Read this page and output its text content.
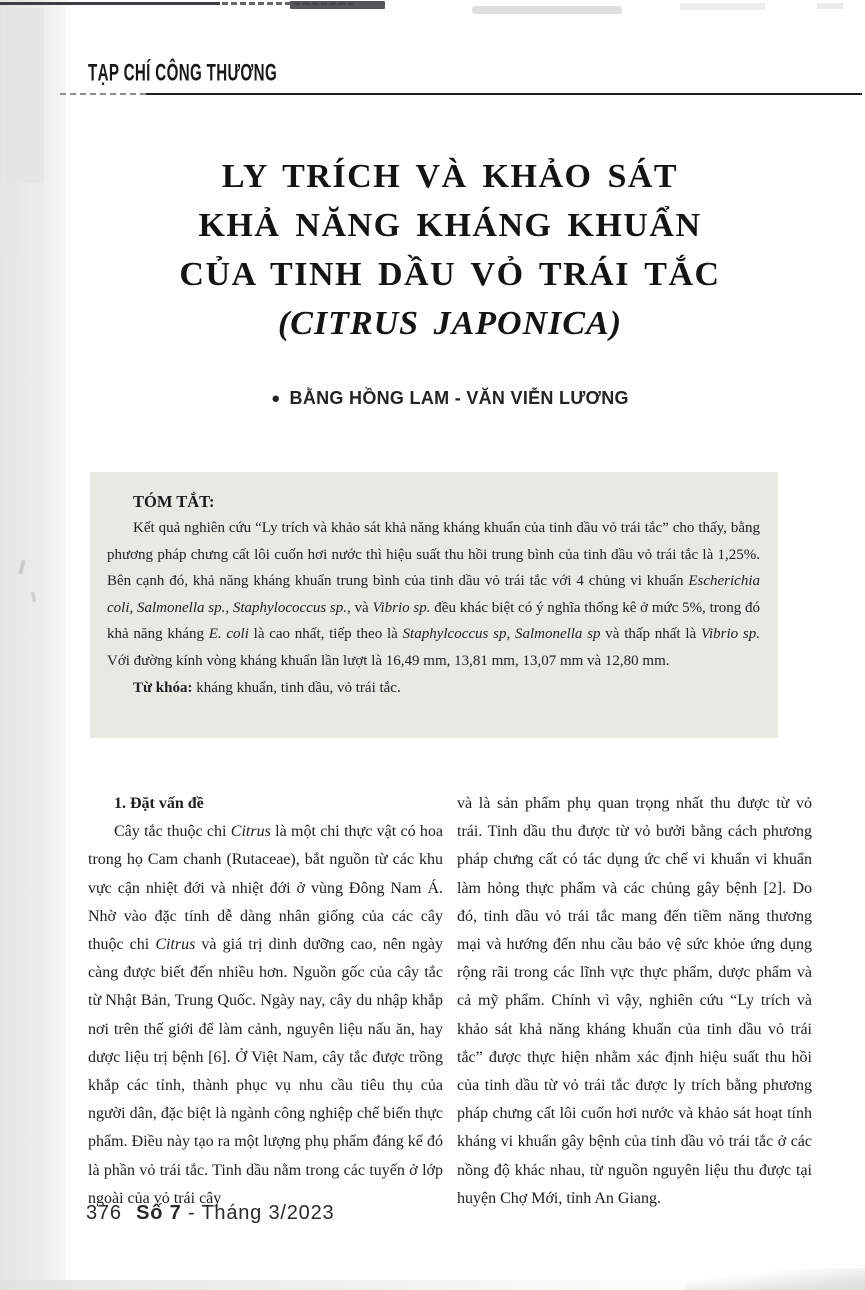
TẠP CHÍ CÔNG THƯƠNG
LY TRÍCH VÀ KHẢO SÁT
KHẢ NĂNG KHÁNG KHUẨN
CỦA TINH DẦU VỎ TRÁI TẮC
(CITRUS JAPONICA)
● BẰNG HỒNG LAM - VĂN VIỄN LƯƠNG
TÓM TẮT:
Kết quả nghiên cứu “Ly trích và khảo sát khả năng kháng khuẩn của tinh dầu vỏ trái tắc” cho thấy, bằng phương pháp chưng cất lôi cuốn hơi nước thì hiệu suất thu hồi trung bình của tinh dầu vỏ trái tắc là 1,25%. Bên cạnh đó, khả năng kháng khuẩn trung bình của tinh dầu vỏ trái tắc với 4 chủng vi khuẩn Escherichia coli, Salmonella sp., Staphylococcus sp., và Vibrio sp. đều khác biệt có ý nghĩa thống kê ở mức 5%, trong đó khả năng kháng E. coli là cao nhất, tiếp theo là Staphylcoccus sp, Salmonella sp và thấp nhất là Vibrio sp. Với đường kính vòng kháng khuẩn lần lượt là 16,49 mm, 13,81 mm, 13,07 mm và 12,80 mm.
Từ khóa: kháng khuẩn, tinh dầu, vỏ trái tắc.
1. Đặt vấn đề
Cây tắc thuộc chi Citrus là một chi thực vật có hoa trong họ Cam chanh (Rutaceae), bắt nguồn từ các khu vực cận nhiệt đới và nhiệt đới ở vùng Đông Nam Á. Nhờ vào đặc tính dễ dàng nhân giống của các cây thuộc chi Citrus và giá trị dinh dưỡng cao, nên ngày càng được biết đến nhiều hơn. Nguồn gốc của cây tắc từ Nhật Bản, Trung Quốc. Ngày nay, cây du nhập khắp nơi trên thế giới để làm cảnh, nguyên liệu nấu ăn, hay dược liệu trị bệnh [6]. Ở Việt Nam, cây tắc được trồng khắp các tỉnh, thành phục vụ nhu cầu tiêu thụ của người dân, đặc biệt là ngành công nghiệp chế biến thực phẩm. Điều này tạo ra một lượng phụ phẩm đáng kể đó là phần vỏ trái tắc. Tinh dầu nằm trong các tuyến ở lớp ngoài của vỏ trái cây
và là sản phẩm phụ quan trọng nhất thu được từ vỏ trái. Tinh dầu thu được từ vỏ bưởi bằng cách phương pháp chưng cất có tác dụng ức chế vi khuẩn vi khuẩn làm hỏng thực phẩm và các chủng gây bệnh [2]. Do đó, tinh dầu vỏ trái tắc mang đến tiềm năng thương mại và hướng đến nhu cầu bảo vệ sức khỏe ứng dụng rộng rãi trong các lĩnh vực thực phẩm, dược phẩm và cả mỹ phẩm. Chính vì vậy, nghiên cứu “Ly trích và khảo sát khả năng kháng khuẩn của tinh dầu vỏ trái tắc” được thực hiện nhằm xác định hiệu suất thu hồi của tinh dầu từ vỏ trái tắc được ly trích bằng phương pháp chưng cất lôi cuốn hơi nước và khảo sát hoạt tính kháng vi khuẩn gây bệnh của tinh dầu vỏ trái tắc ở các nồng độ khác nhau, từ nguồn nguyên liệu thu được tại huyện Chợ Mới, tỉnh An Giang.
376 Số 7 - Tháng 3/2023
